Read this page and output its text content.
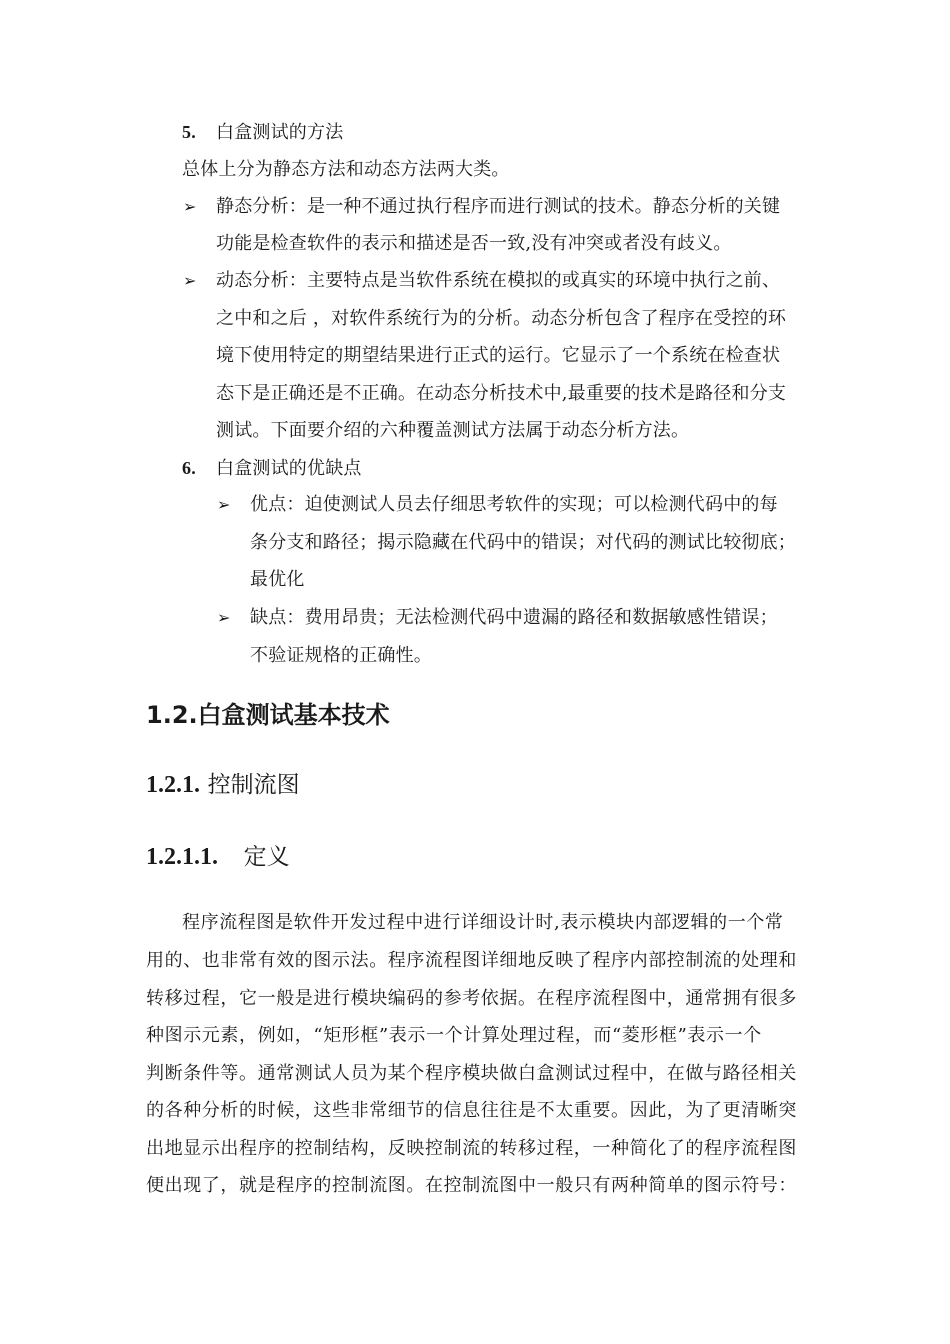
5. 白盒测试的方法
总体上分为静态方法和动态方法两大类。
➢ 静态分析：是一种不通过执行程序而进行测试的技术。静态分析的关键
功能是检查软件的表示和描述是否一致,没有冲突或者没有歧义。
➢ 动态分析：主要特点是当软件系统在模拟的或真实的环境中执行之前、
之中和之后 ，对软件系统行为的分析。动态分析包含了程序在受控的环
境下使用特定的期望结果进行正式的运行。它显示了一个系统在检查状
态下是正确还是不正确。在动态分析技术中,最重要的技术是路径和分支
测试。下面要介绍的六种覆盖测试方法属于动态分析方法。
6. 白盒测试的优缺点
➢ 优点：迫使测试人员去仔细思考软件的实现；可以检测代码中的每
条分支和路径；揭示隐藏在代码中的错误；对代码的测试比较彻底；
最优化
➢ 缺点：费用昂贵；无法检测代码中遗漏的路径和数据敏感性错误；
不验证规格的正确性。
1.2.白盒测试基本技术
1.2.1. 控制流图
1.2.1.1. 定义
程序流程图是软件开发过程中进行详细设计时,表示模块内部逻辑的一个常
用的、也非常有效的图示法。程序流程图详细地反映了程序内部控制流的处理和
转移过程，它一般是进行模块编码的参考依据。在程序流程图中，通常拥有很多
种图示元素，例如，“矩形框”表示一个计算处理过程，而“菱形框”表示一个
判断条件等。通常测试人员为某个程序模块做白盒测试过程中，在做与路径相关
的各种分析的时候，这些非常细节的信息往往是不太重要。因此，为了更清晰突
出地显示出程序的控制结构，反映控制流的转移过程，一种简化了的程序流程图
便出现了，就是程序的控制流图。在控制流图中一般只有两种简单的图示符号：
